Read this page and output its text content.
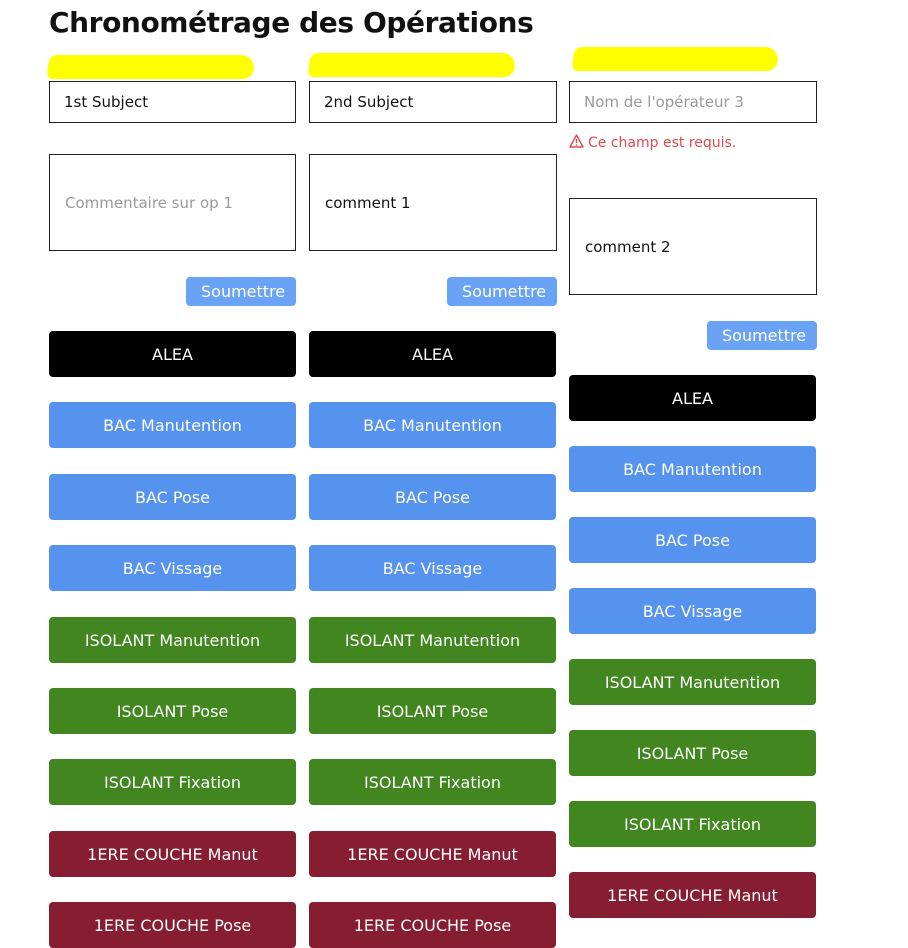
Chronométrage des Opérations
1st Subject
Commentaire sur op 1
Soumettre
2nd Subject
comment 1	Soumettre
Nom de l'opérateur 3
Ce champ est requis.
comment 2
Soumettre
ALEA
BAC Manutention
BAC Pose
BAC Vissage
ISOLANT Manutention
ISOLANT Pose
ISOLANT Fixation
1ERE COUCHE Manut
1ERE COUCHE Pose
ALEA
BAC Manutention
BAC Pose
BAC Vissage
ISOLANT Manutention
ISOLANT Pose
ISOLANT Fixation
1ERE COUCHE Manut
1ERE COUCHE Pose
ALEA
BAC Manutention
BAC Pose
BAC Vissage
ISOLANT Manutention
ISOLANT Pose
ISOLANT Fixation
1ERE COUCHE Manut
